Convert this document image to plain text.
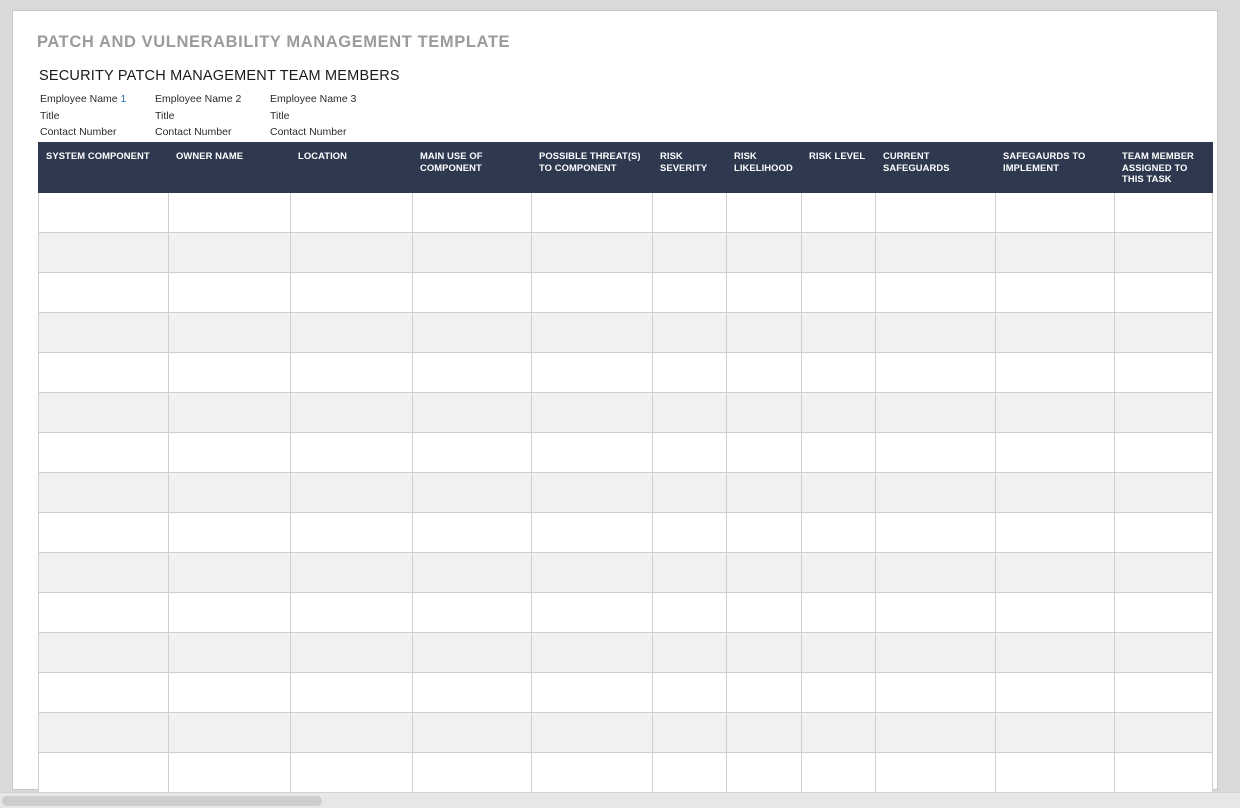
PATCH AND VULNERABILITY MANAGEMENT TEMPLATE
SECURITY PATCH MANAGEMENT TEAM MEMBERS
Employee Name 1	Employee Name 2	Employee Name 3
Title	Title	Title
Contact Number	Contact Number	Contact Number
SYSTEM COMPONENT	OWNER NAME	LOCATION	MAIN USE OF COMPONENT	POSSIBLE THREAT(S) TO COMPONENT	RISK SEVERITY	RISK LIKELIHOOD	RISK LEVEL	CURRENT SAFEGUARDS	SAFEGAURDS TO IMPLEMENT	TEAM MEMBER ASSIGNED TO THIS TASK
